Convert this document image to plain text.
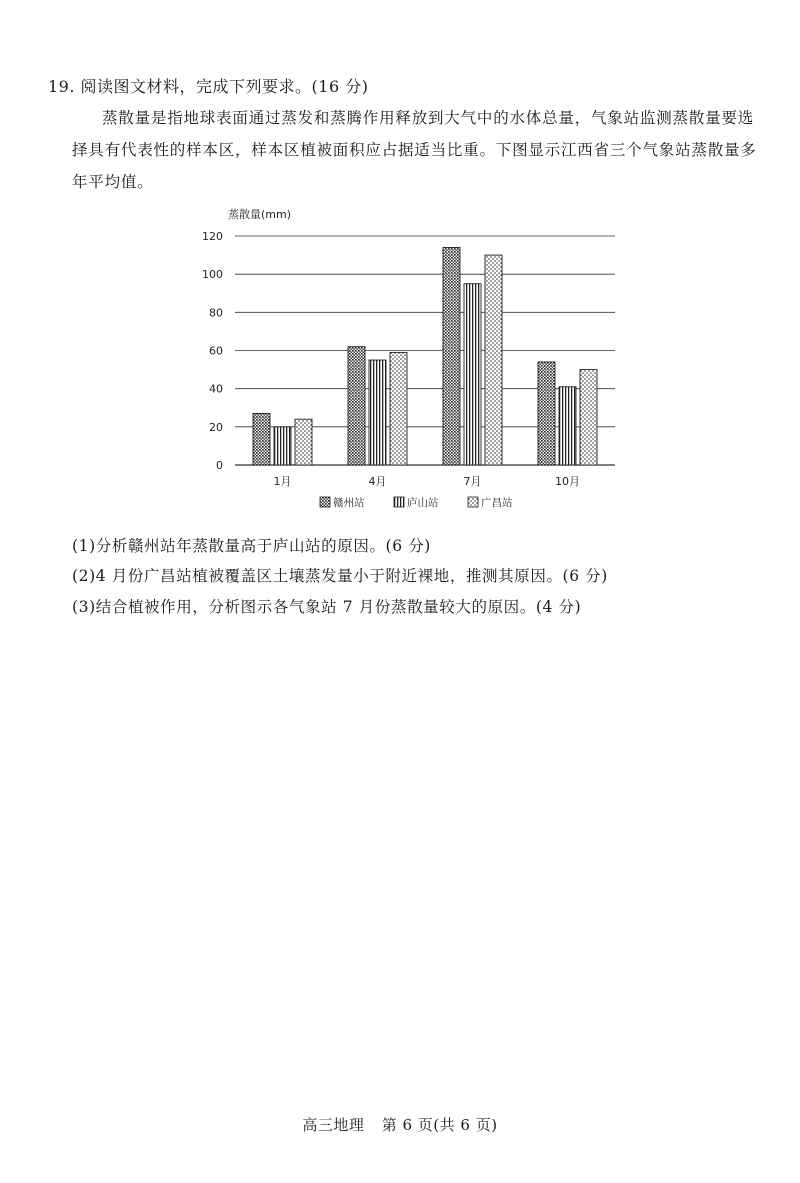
19. 阅读图文材料，完成下列要求。(16 分)

蒸散量是指地球表面通过蒸发和蒸腾作用释放到大气中的水体总量，气象站监测蒸散量要选择具有代表性的样本区，样本区植被面积应占据适当比重。下图显示江西省三个气象站蒸散量多年平均值。

蒸散量(mm)
0
20
40
60
80
100
120
1月	4月	7月	10月
赣州站	庐山站	广昌站
(1)分析赣州站年蒸散量高于庐山站的原因。(6 分)
(2)4 月份广昌站植被覆盖区土壤蒸发量小于附近裸地，推测其原因。(6 分)
(3)结合植被作用，分析图示各气象站 7 月份蒸散量较大的原因。(4 分)
高三地理 第 6 页(共 6 页)
